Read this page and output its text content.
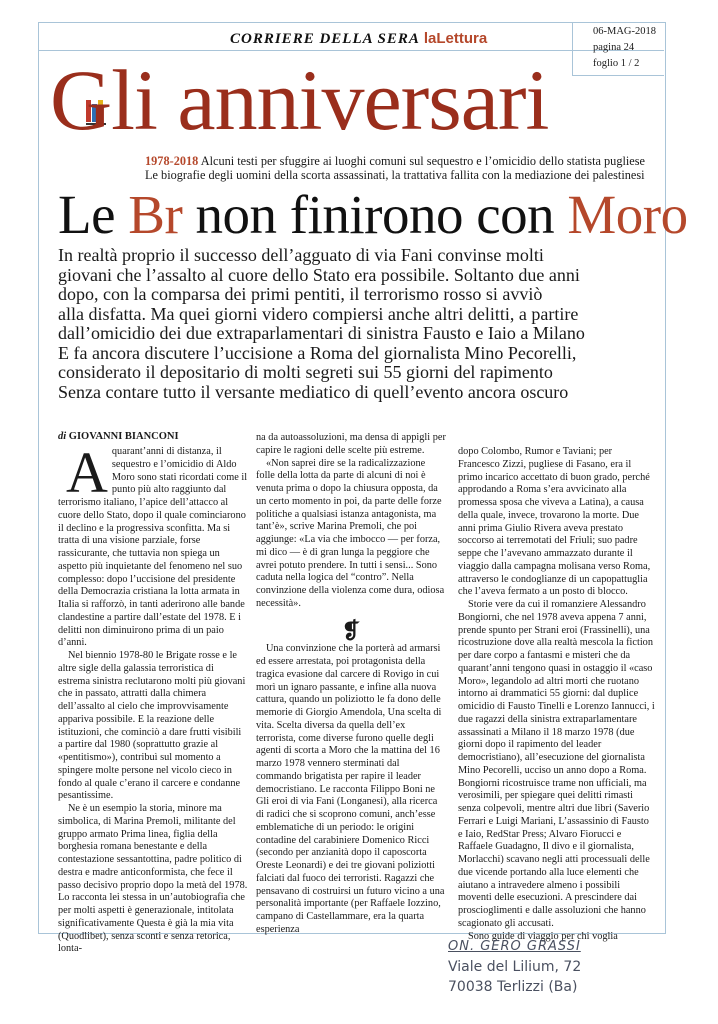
CORRIERE DELLA SERA laLettura	06-MAG-2018
pagina 24
foglio 1 / 2
Gli anniversari
1978-2018 Alcuni testi per sfuggire ai luoghi comuni sul sequestro e l’omicidio dello statista pugliese
Le biografie degli uomini della scorta assassinati, la trattativa fallita con la mediazione dei palestinesi
Le Br non finirono con Moro
In realtà proprio il successo dell’agguato di via Fani convinse molti
giovani che l’assalto al cuore dello Stato era possibile. Soltanto due anni
dopo, con la comparsa dei primi pentiti, il terrorismo rosso si avviò
alla disfatta. Ma quei giorni videro compiersi anche altri delitti, a partire
dall’omicidio dei due extraparlamentari di sinistra Fausto e Iaio a Milano
E fa ancora discutere l’uccisione a Roma del giornalista Mino Pecorelli,
considerato il depositario di molti segreti sui 55 giorni del rapimento
Senza contare tutto il versante mediatico di quell’evento ancora oscuro
di GIOVANNI BIANCONI

Aquarant’anni di distanza, il sequestro e l’omicidio di Aldo Moro sono stati ricordati come il punto più alto raggiunto dal terrorismo italiano, l’apice dell’attacco al cuore dello Stato, dopo il quale cominciarono il declino e la progressiva sconfitta. Ma si tratta di una visione parziale, forse rassicurante, che tuttavia non spiega un aspetto più inquietante del fenomeno nel suo complesso: dopo l’uccisione del presidente della Democrazia cristiana la lotta armata in Italia si rafforzò, in tanti aderirono alle bande clandestine a partire dall’estate del 1978. E i delitti non diminuirono prima di un paio d’anni.

Nel biennio 1978-80 le Brigate rosse e le altre sigle della galassia terroristica di estrema sinistra reclutarono molti più giovani che in passato, attratti dalla chimera dell’assalto al cielo che improvvisamente appariva possibile. E la reazione delle istituzioni, che cominciò a dare frutti visibili a partire dal 1980 (soprattutto grazie al «pentitismo»), contribuì sul momento a spingere molte persone nel vicolo cieco in fondo al quale c’erano il carcere e condanne pesantissime.

Ne è un esempio la storia, minore ma simbolica, di Marina Premoli, militante del gruppo armato Prima linea, figlia della borghesia romana benestante e della contestazione sessantottina, padre politico di destra e madre anticonformista, che fece il passo decisivo proprio dopo la metà del 1978. Lo racconta lei stessa in un’autobiografia che per molti aspetti è generazionale, intitolata significativamente Questa è già la mia vita (Quodlibet), senza sconti e senza retorica, lonta-

na da autoassoluzioni, ma densa di appigli per capire le ragioni delle scelte più estreme.

«Non saprei dire se la radicalizzazione folle della lotta da parte di alcuni di noi è venuta prima o dopo la chiusura opposta, da un certo momento in poi, da parte delle forze politiche a qualsiasi istanza antagonista, ma tant’è», scrive Marina Premoli, che poi aggiunge: «La via che imbocco — per forza, mi dico — è di gran lunga la peggiore che avrei potuto prendere. In tutti i sensi... Sono caduta nella logica del “contro”. Nella convinzione della violenza come dura, odiosa necessità».

❡

Una convinzione che la porterà ad armarsi ed essere arrestata, poi protagonista della tragica evasione dal carcere di Rovigo in cui morì un ignaro passante, e infine alla nuova cattura, quando un poliziotto le fa dono delle memorie di Giorgio Amendola, Una scelta di vita. Scelta diversa da quella dell’ex terrorista, come diverse furono quelle degli agenti di scorta a Moro che la mattina del 16 marzo 1978 vennero sterminati dal commando brigatista per rapire il leader democristiano. Le racconta Filippo Boni ne Gli eroi di via Fani (Longanesi), alla ricerca di radici che si scoprono comuni, anch’esse emblematiche di un periodo: le origini contadine del carabiniere Domenico Ricci (secondo per anzianità dopo il caposcorta Oreste Leonardi) e dei tre giovani poliziotti falciati dal fuoco dei terroristi. Ragazzi che pensavano di costruirsi un futuro vicino a una personalità importante (per Raffaele Iozzino, campano di Castellammare, era la quarta esperienza

dopo Colombo, Rumor e Taviani; per Francesco Zizzi, pugliese di Fasano, era il primo incarico accettato di buon grado, perché approdando a Roma s’era avvicinato alla promessa sposa che viveva a Latina), a causa della quale, invece, trovarono la morte. Due anni prima Giulio Rivera aveva prestato soccorso ai terremotati del Friuli; suo padre seppe che l’avevano ammazzato durante il viaggio dalla campagna molisana verso Roma, attraverso le condoglianze di un capopattuglia che l’aveva fermato a un posto di blocco.

Storie vere da cui il romanziere Alessandro Bongiorni, che nel 1978 aveva appena 7 anni, prende spunto per Strani eroi (Frassinelli), una ricostruzione dove alla realtà mescola la fiction per dare corpo a fantasmi e misteri che da quarant’anni tengono quasi in ostaggio il «caso Moro», legandolo ad altri morti che ruotano intorno ai drammatici 55 giorni: dal duplice omicidio di Fausto Tinelli e Lorenzo Iannucci, i due ragazzi della sinistra extraparlamentare assassinati a Milano il 18 marzo 1978 (due giorni dopo il rapimento del leader democristiano), all’esecuzione del giornalista Mino Pecorelli, ucciso un anno dopo a Roma. Bongiorni ricostruisce trame non ufficiali, ma verosimili, per spiegare quei delitti rimasti senza colpevoli, mentre altri due libri (Saverio Ferrari e Luigi Mariani, L’assassinio di Fausto e Iaio, RedStar Press; Alvaro Fiorucci e Raffaele Guadagno, Il divo e il giornalista, Morlacchi) scavano negli atti processuali delle due vicende portando alla luce elementi che aiutano a intravedere almeno i possibili moventi delle esecuzioni. A prescindere dai proscioglimenti e dalle assoluzioni che hanno scagionato gli accusati.

Sono guide di viaggio per chi voglia

ON. GERO GRASSI
Viale del Lilium, 72
70038 Terlizzi (Ba)
